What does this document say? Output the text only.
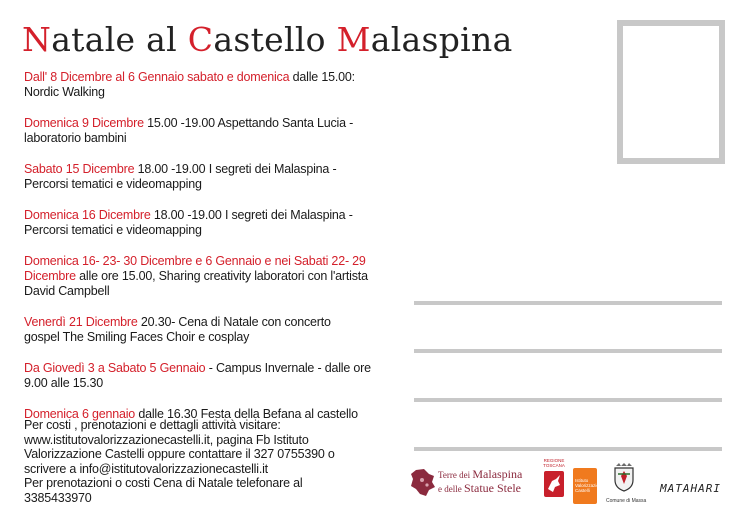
Natale al Castello Malaspina

Dall' 8 Dicembre al 6 Gennaio sabato e domenica dalle 15.00:
Nordic Walking

Domenica 9 Dicembre 15.00 -19.00 Aspettando Santa Lucia -
laboratorio bambini

Sabato 15 Dicembre 18.00 -19.00 I segreti dei Malaspina -
Percorsi tematici e videomapping

Domenica 16 Dicembre 18.00 -19.00 I segreti dei Malaspina -
Percorsi tematici e videomapping

Domenica 16- 23- 30 Dicembre e 6 Gennaio e nei Sabati 22- 29
Dicembre alle ore 15.00, Sharing creativity laboratori con l'artista
David Campbell

Venerdì 21 Dicembre 20.30- Cena di Natale con concerto
gospel The Smiling Faces Choir e cosplay

Da Giovedì 3 a Sabato 5 Gennaio - Campus Invernale - dalle ore
9.00 alle 15.30

Domenica 6 gennaio dalle 16.30 Festa della Befana al castello

Per costi , prenotazioni e dettagli attività visitare:

www.istitutovalorizzazionecastelli.it, pagina Fb Istituto

Valorizzazione Castelli oppure contattare il 327 0755390 o

scrivere a info@istitutovalorizzazionecastelli.it

Per prenotazioni o costi Cena di Natale telefonare al

3385433970

Terre dei Malaspina
e delle Statue Stele
REGIONE
TOSCANA
Istituto
Valorizzazione
Castelli
Comune di Massa
MATAHARI
